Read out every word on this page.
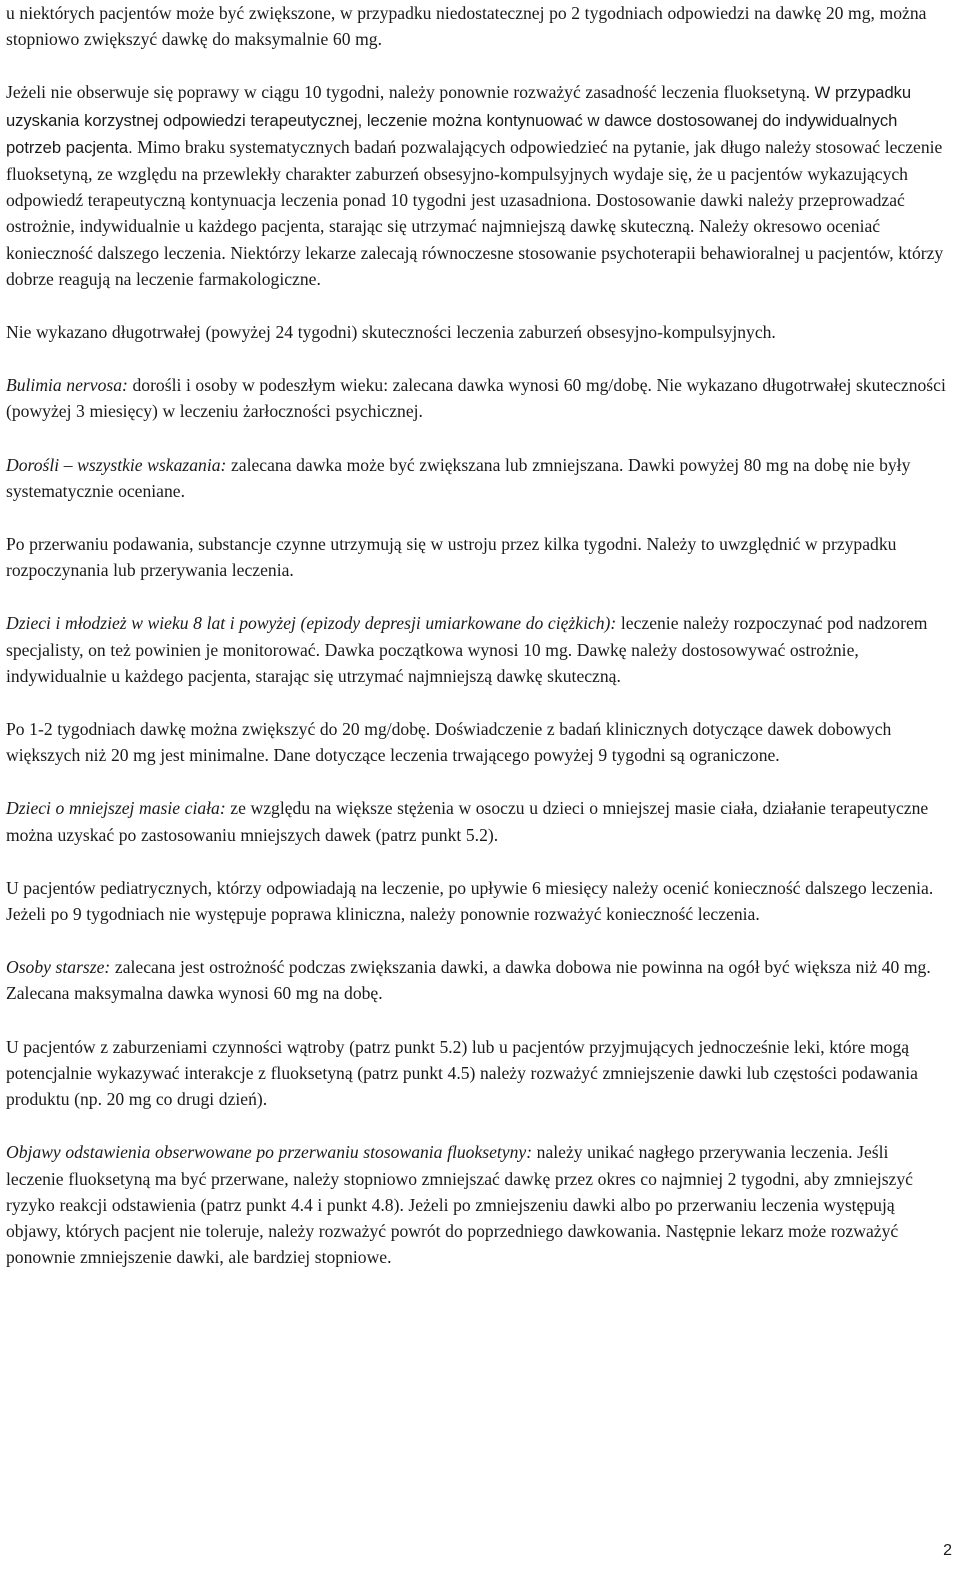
u niektórych pacjentów może być zwiększone, w przypadku niedostatecznej po 2 tygodniach odpowiedzi na dawkę 20 mg, można stopniowo zwiększyć dawkę do maksymalnie 60 mg.

Jeżeli nie obserwuje się poprawy w ciągu 10 tygodni, należy ponownie rozważyć zasadność leczenia fluoksetyną. W przypadku uzyskania korzystnej odpowiedzi terapeutycznej, leczenie można kontynuować w dawce dostosowanej do indywidualnych potrzeb pacjenta. Mimo braku systematycznych badań pozwalających odpowiedzieć na pytanie, jak długo należy stosować leczenie fluoksetyną, ze względu na przewlekły charakter zaburzeń obsesyjno-kompulsyjnych wydaje się, że u pacjentów wykazujących odpowiedź terapeutyczną kontynuacja leczenia ponad 10 tygodni jest uzasadniona. Dostosowanie dawki należy przeprowadzać ostrożnie, indywidualnie u każdego pacjenta, starając się utrzymać najmniejszą dawkę skuteczną. Należy okresowo oceniać konieczność dalszego leczenia. Niektórzy lekarze zalecają równoczesne stosowanie psychoterapii behawioralnej u pacjentów, którzy dobrze reagują na leczenie farmakologiczne.

Nie wykazano długotrwałej (powyżej 24 tygodni) skuteczności leczenia zaburzeń obsesyjno-kompulsyjnych.

Bulimia nervosa: dorośli i osoby w podeszłym wieku: zalecana dawka wynosi 60 mg/dobę. Nie wykazano długotrwałej skuteczności (powyżej 3 miesięcy) w leczeniu żarłoczności psychicznej.

Dorośli – wszystkie wskazania: zalecana dawka może być zwiększana lub zmniejszana. Dawki powyżej 80 mg na dobę nie były systematycznie oceniane.

Po przerwaniu podawania, substancje czynne utrzymują się w ustroju przez kilka tygodni. Należy to uwzględnić w przypadku rozpoczynania lub przerywania leczenia.

Dzieci i młodzież w wieku 8 lat i powyżej (epizody depresji umiarkowane do ciężkich): leczenie należy rozpoczynać pod nadzorem specjalisty, on też powinien je monitorować. Dawka początkowa wynosi 10 mg. Dawkę należy dostosowywać ostrożnie, indywidualnie u każdego pacjenta, starając się utrzymać najmniejszą dawkę skuteczną.

Po 1-2 tygodniach dawkę można zwiększyć do 20 mg/dobę. Doświadczenie z badań klinicznych dotyczące dawek dobowych większych niż 20 mg jest minimalne. Dane dotyczące leczenia trwającego powyżej 9 tygodni są ograniczone.

Dzieci o mniejszej masie ciała: ze względu na większe stężenia w osoczu u dzieci o mniejszej masie ciała, działanie terapeutyczne można uzyskać po zastosowaniu mniejszych dawek (patrz punkt 5.2).

U pacjentów pediatrycznych, którzy odpowiadają na leczenie, po upływie 6 miesięcy należy ocenić konieczność dalszego leczenia. Jeżeli po 9 tygodniach nie występuje poprawa kliniczna, należy ponownie rozważyć konieczność leczenia.

Osoby starsze: zalecana jest ostrożność podczas zwiększania dawki, a dawka dobowa nie powinna na ogół być większa niż 40 mg. Zalecana maksymalna dawka wynosi 60 mg na dobę.

U pacjentów z zaburzeniami czynności wątroby (patrz punkt 5.2) lub u pacjentów przyjmujących jednocześnie leki, które mogą potencjalnie wykazywać interakcje z fluoksetyną (patrz punkt 4.5) należy rozważyć zmniejszenie dawki lub częstości podawania produktu (np. 20 mg co drugi dzień).

Objawy odstawienia obserwowane po przerwaniu stosowania fluoksetyny: należy unikać nagłego przerywania leczenia. Jeśli leczenie fluoksetyną ma być przerwane, należy stopniowo zmniejszać dawkę przez okres co najmniej 2 tygodni, aby zmniejszyć ryzyko reakcji odstawienia (patrz punkt 4.4 i punkt 4.8). Jeżeli po zmniejszeniu dawki albo po przerwaniu leczenia występują objawy, których pacjent nie toleruje, należy rozważyć powrót do poprzedniego dawkowania. Następnie lekarz może rozważyć ponownie zmniejszenie dawki, ale bardziej stopniowe.

2
